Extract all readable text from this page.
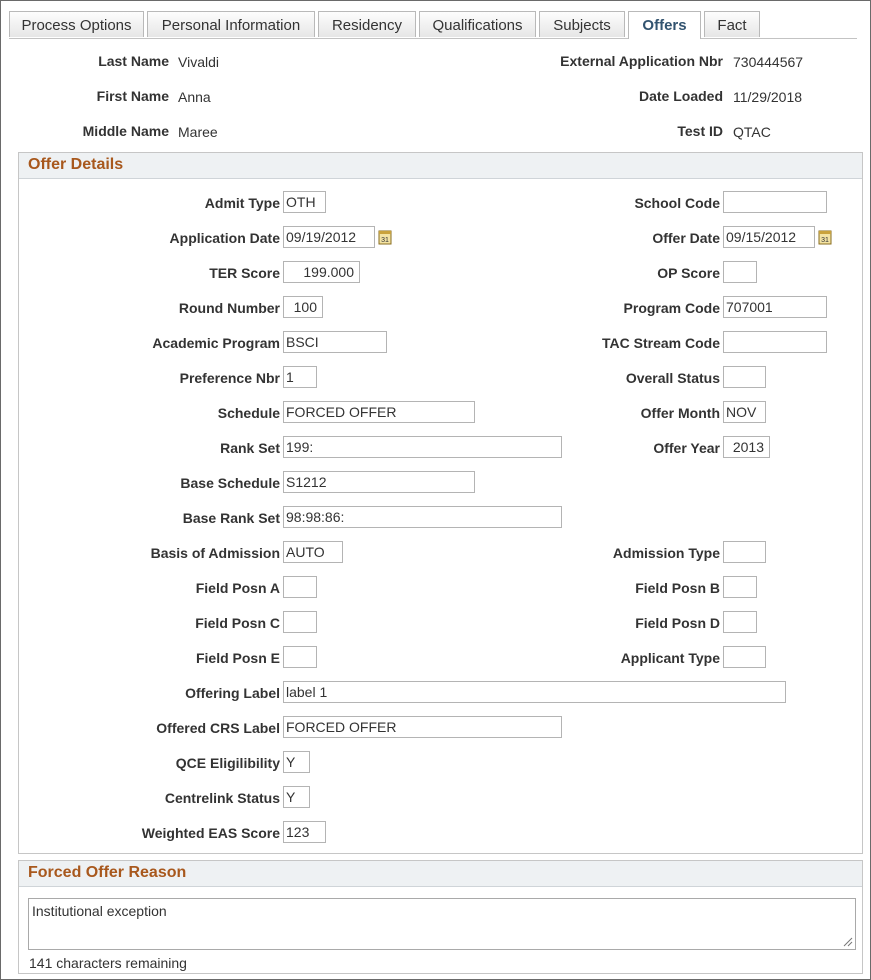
Process Options	Personal Information	Residency	Qualifications	Subjects	Offers	Fact
Last Name Vivaldi
First Name Anna
Middle Name Maree
External Application Nbr 730444567
Date Loaded 11/29/2018
Test ID QTAC
Offer Details
Admit Type OTH
Application Date 09/19/2012	31
TER Score	199.000
Round Number 100
Academic Program BSCI
Preference Nbr 1
Schedule FORCED OFFER
Rank Set 199:
Base Schedule S1212
Base Rank Set 98:98:86:
Basis of Admission AUTO
Field Posn A
Field Posn C
Field Posn E
Offering Label label 1
Offered CRS Label FORCED OFFER
QCE Eligilibility Y
Centrelink Status Y
Weighted EAS Score 123
School Code
Offer Date 09/15/2012	31
OP Score
Program Code 707001
TAC Stream Code
Overall Status
Offer Month NOV
Offer Year 2013
Admission Type
Field Posn B
Field Posn D
Applicant Type
Forced Offer Reason
Institutional exception
141 characters remaining
